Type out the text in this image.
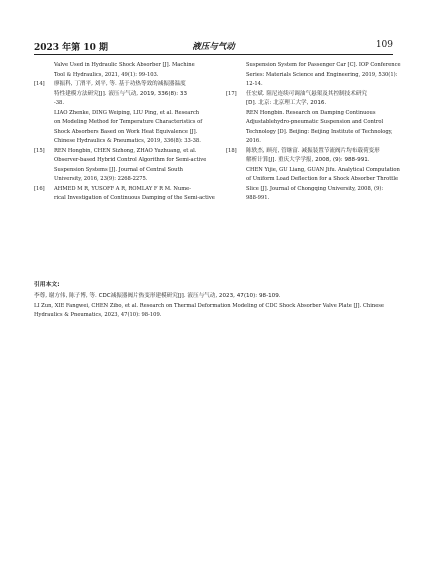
2023 年第 10 期	液压与气动	109
Valve Used in Hydraulic Shock Absorber [J]. Machine
Tool & Hydraulics, 2021, 49(1): 99-103.
[14] 廖振科, 丁渭平, 刘平, 等. 基于功热等效的减振器温度
特性建模方法研究[J]. 液压与气动, 2019, 336(8): 33
-38.
LIAO Zhenke, DING Weiping, LIU Ping, et al. Research
on Modeling Method for Temperature Characteristics of
Shock Absorbers Based on Work Heat Equivalence [J].
Chinese Hydraulics & Pneumatics, 2019, 336(8): 33-38.
[15] REN Hongbin, CHEN Sizhong, ZHAO Yuzhuang, et al.
Observer-based Hybrid Control Algorithm for Semi-active
Suspension Systems [J]. Journal of Central South
University, 2016, 23(9): 2268-2275.
[16] AHMED M R, YUSOFF A R, ROMLAY F R M. Nume-
rical Investigation of Continuous Damping of the Semi-active
Suspension System for Passenger Car [C]. IOP Conference
Series: Materials Science and Engineering, 2019, 530(1):
12-14.
[17] 任宏斌. 阻尼连续可调油气悬架及其控制技术研究
[D]. 北京: 北京理工大学, 2016.
REN Hongbin. Research on Damping Continuous
Adjustablehydro-pneumatic Suspension and Control
Technology [D]. Beijing: Beijing Institute of Technology,
2016.
[18] 陈轶杰, 顾亮, 管继富. 减振装置节流阀片均布载荷变形
解析计算[J]. 重庆大学学报, 2008, (9): 988-991.
CHEN Yijie, GU Liang, GUAN Jifu. Analytical Computation
of Uniform Load Deflection for a Shock Absorber Throttle
Slice [J]. Journal of Chongqing University, 2008, (9):
988-991.
引用本文:
李尊, 谢方伟, 陈子博, 等. CDC减振器阀片热变形建模研究[J]. 液压与气动, 2023, 47(10): 98-109.
LI Zun, XIE Fangwei, CHEN Zibo, et al. Research on Thermal Deformation Modeling of CDC Shock Absorber Valve Plate [J]. Chinese
Hydraulics & Pneumatics, 2023, 47(10): 98-109.
